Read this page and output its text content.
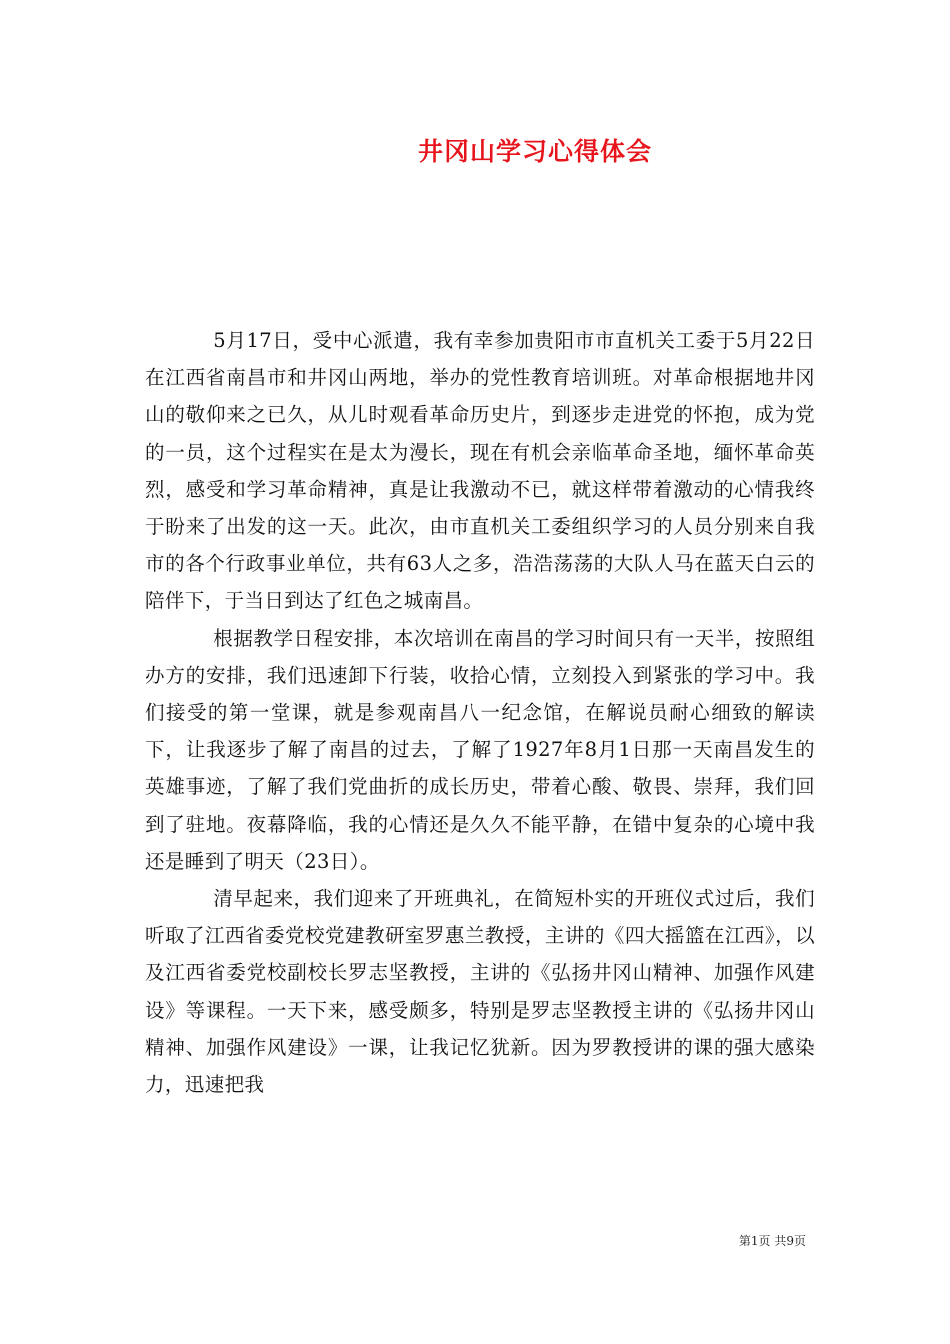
井冈山学习心得体会

5月17日，受中心派遣，我有幸参加贵阳市市直机关工委于5月22日在江西省南昌市和井冈山两地，举办的党性教育培训班。对革命根据地井冈山的敬仰来之已久，从儿时观看革命历史片，到逐步走进党的怀抱，成为党的一员，这个过程实在是太为漫长，现在有机会亲临革命圣地，缅怀革命英烈，感受和学习革命精神，真是让我激动不已，就这样带着激动的心情我终于盼来了出发的这一天。此次，由市直机关工委组织学习的人员分别来自我市的各个行政事业单位，共有63人之多，浩浩荡荡的大队人马在蓝天白云的陪伴下，于当日到达了红色之城南昌。

根据教学日程安排，本次培训在南昌的学习时间只有一天半，按照组办方的安排，我们迅速卸下行装，收拾心情，立刻投入到紧张的学习中。我们接受的第一堂课，就是参观南昌八一纪念馆，在解说员耐心细致的解读下，让我逐步了解了南昌的过去，了解了1927年8月1日那一天南昌发生的英雄事迹，了解了我们党曲折的成长历史，带着心酸、敬畏、崇拜，我们回到了驻地。夜幕降临，我的心情还是久久不能平静，在错中复杂的心境中我还是睡到了明天（23日）。

清早起来，我们迎来了开班典礼，在简短朴实的开班仪式过后，我们听取了江西省委党校党建教研室罗惠兰教授，主讲的《四大摇篮在江西》，以及江西省委党校副校长罗志坚教授，主讲的《弘扬井冈山精神、加强作风建设》等课程。一天下来，感受颇多，特别是罗志坚教授主讲的《弘扬井冈山精神、加强作风建设》一课，让我记忆犹新。因为罗教授讲的课的强大感染力，迅速把我

第1页 共9页
